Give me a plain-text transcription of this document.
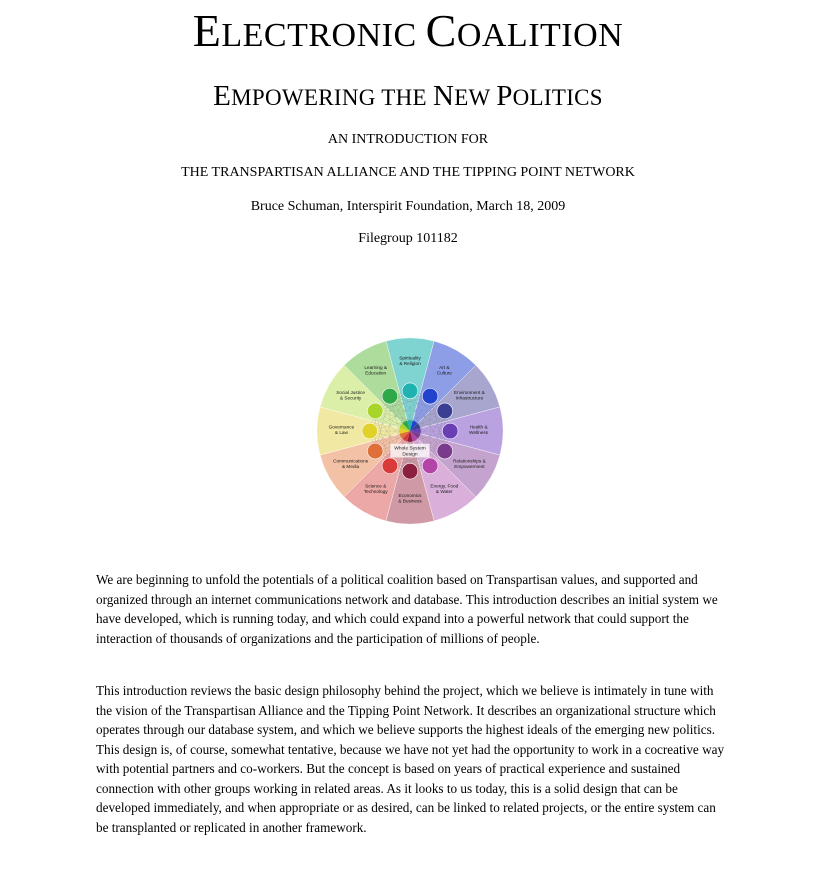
ELECTRONIC COALITION
EMPOWERING THE NEW POLITICS

AN INTRODUCTION FOR

THE TRANSPARTISAN ALLIANCE AND THE TIPPING POINT NETWORK

Bruce Schuman, Interspirit Foundation, March 18, 2009

Filegroup 101182

Whole System
Design
Spirituality
& Religion
Art &
Culture
Environment &
Infrastructure
Health &
Wellness
Relationships &
Empowerment
Energy, Food
& Water
Economics
& Business
Science &
Technology
Communications
& Media
Governance
& Law
Social Justice
& Security
Learning &
Education

We are beginning to unfold the potentials of a political coalition based on Transpartisan values, and supported and organized through an internet communications network and database. This introduction describes an initial system we have developed, which is running today, and which could expand into a powerful network that could support the interaction of thousands of organizations and the participation of millions of people.

This introduction reviews the basic design philosophy behind the project, which we believe is intimately in tune with the vision of the Transpartisan Alliance and the Tipping Point Network. It describes an organizational structure which operates through our database system, and which we believe supports the highest ideals of the emerging new politics. This design is, of course, somewhat tentative, because we have not yet had the opportunity to work in a cocreative way with potential partners and co-workers. But the concept is based on years of practical experience and sustained connection with other groups working in related areas. As it looks to us today, this is a solid design that can be developed immediately, and when appropriate or as desired, can be linked to related projects, or the entire system can be transplanted or replicated in another framework.
